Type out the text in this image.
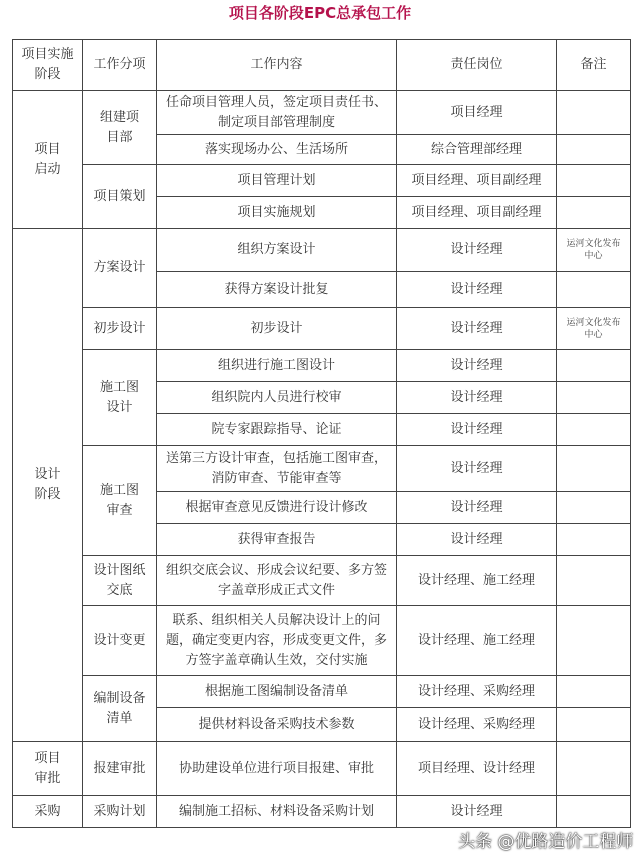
项目各阶段EPC总承包工作
项目实施阶段	工作分项	工作内容	责任岗位	备注
项目启动	组建项目部	任命项目管理人员，签定项目责任书、制定项目部管理制度	项目经理	
		落实现场办公、生活场所	综合管理部经理	
	项目策划	项目管理计划	项目经理、项目副经理	
		项目实施规划	项目经理、项目副经理	
设计阶段	方案设计	组织方案设计	设计经理	运河文化发布中心
		获得方案设计批复	设计经理	
	初步设计	初步设计	设计经理	运河文化发布中心
	施工图设计	组织进行施工图设计	设计经理	
		组织院内人员进行校审	设计经理	
		院专家跟踪指导、论证	设计经理	
	施工图审查	送第三方设计审查，包括施工图审查，消防审查、节能审查等	设计经理	
		根据审查意见反馈进行设计修改	设计经理	
		获得审查报告	设计经理	
	设计图纸交底	组织交底会议、形成会议纪要、多方签字盖章形成正式文件	设计经理、施工经理	
	设计变更	联系、组织相关人员解决设计上的问题，确定变更内容，形成变更文件，多方签字盖章确认生效，交付实施	设计经理、施工经理	
	编制设备清单	根据施工图编制设备清单	设计经理、采购经理	
		提供材料设备采购技术参数	设计经理、采购经理	
项目审批	报建审批	协助建设单位进行项目报建、审批	项目经理、设计经理	
采购	采购计划	编制施工招标、材料设备采购计划	设计经理	
头条 @优路造价工程师
